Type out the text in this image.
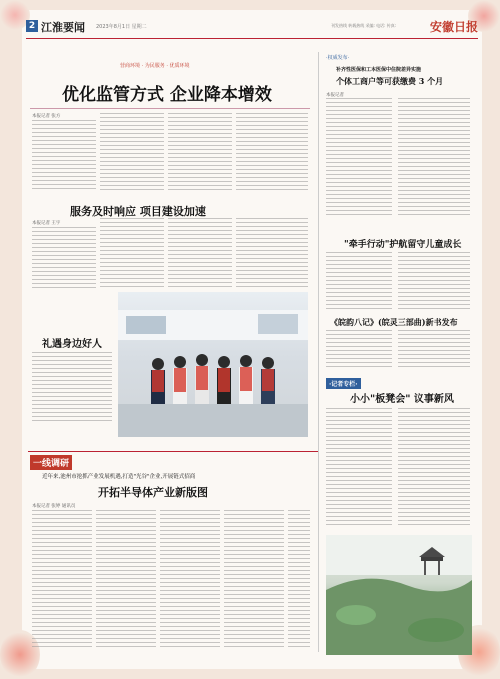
2 江淮要闻 2023年8月1日 星期二	刊发热线 转载热线 采编: 电话: 传真:	安徽日报
营商环境 · 为民服务 · 优质环境
优化监管方式 企业降本增效
本报记者 张方
服务及时响应 项目建设加速
本报记者 王宇
礼遇身边好人
一线调研
近年来,池州市抢抓产业发展机遇,打造"光谷"企业,开展链式招商
开拓半导体产业新版图
本报记者 张婷 通讯员
·权威发布·
补齐性医保和工本医保中住院差异实施
个体工商户等可获缴费 3 个月
本报记者
"牵手行动"护航留守儿童成长
《皖韵八记》(皖灵三部曲)新书发布
·记者专栏·
小小"板凳会" 议事新风
